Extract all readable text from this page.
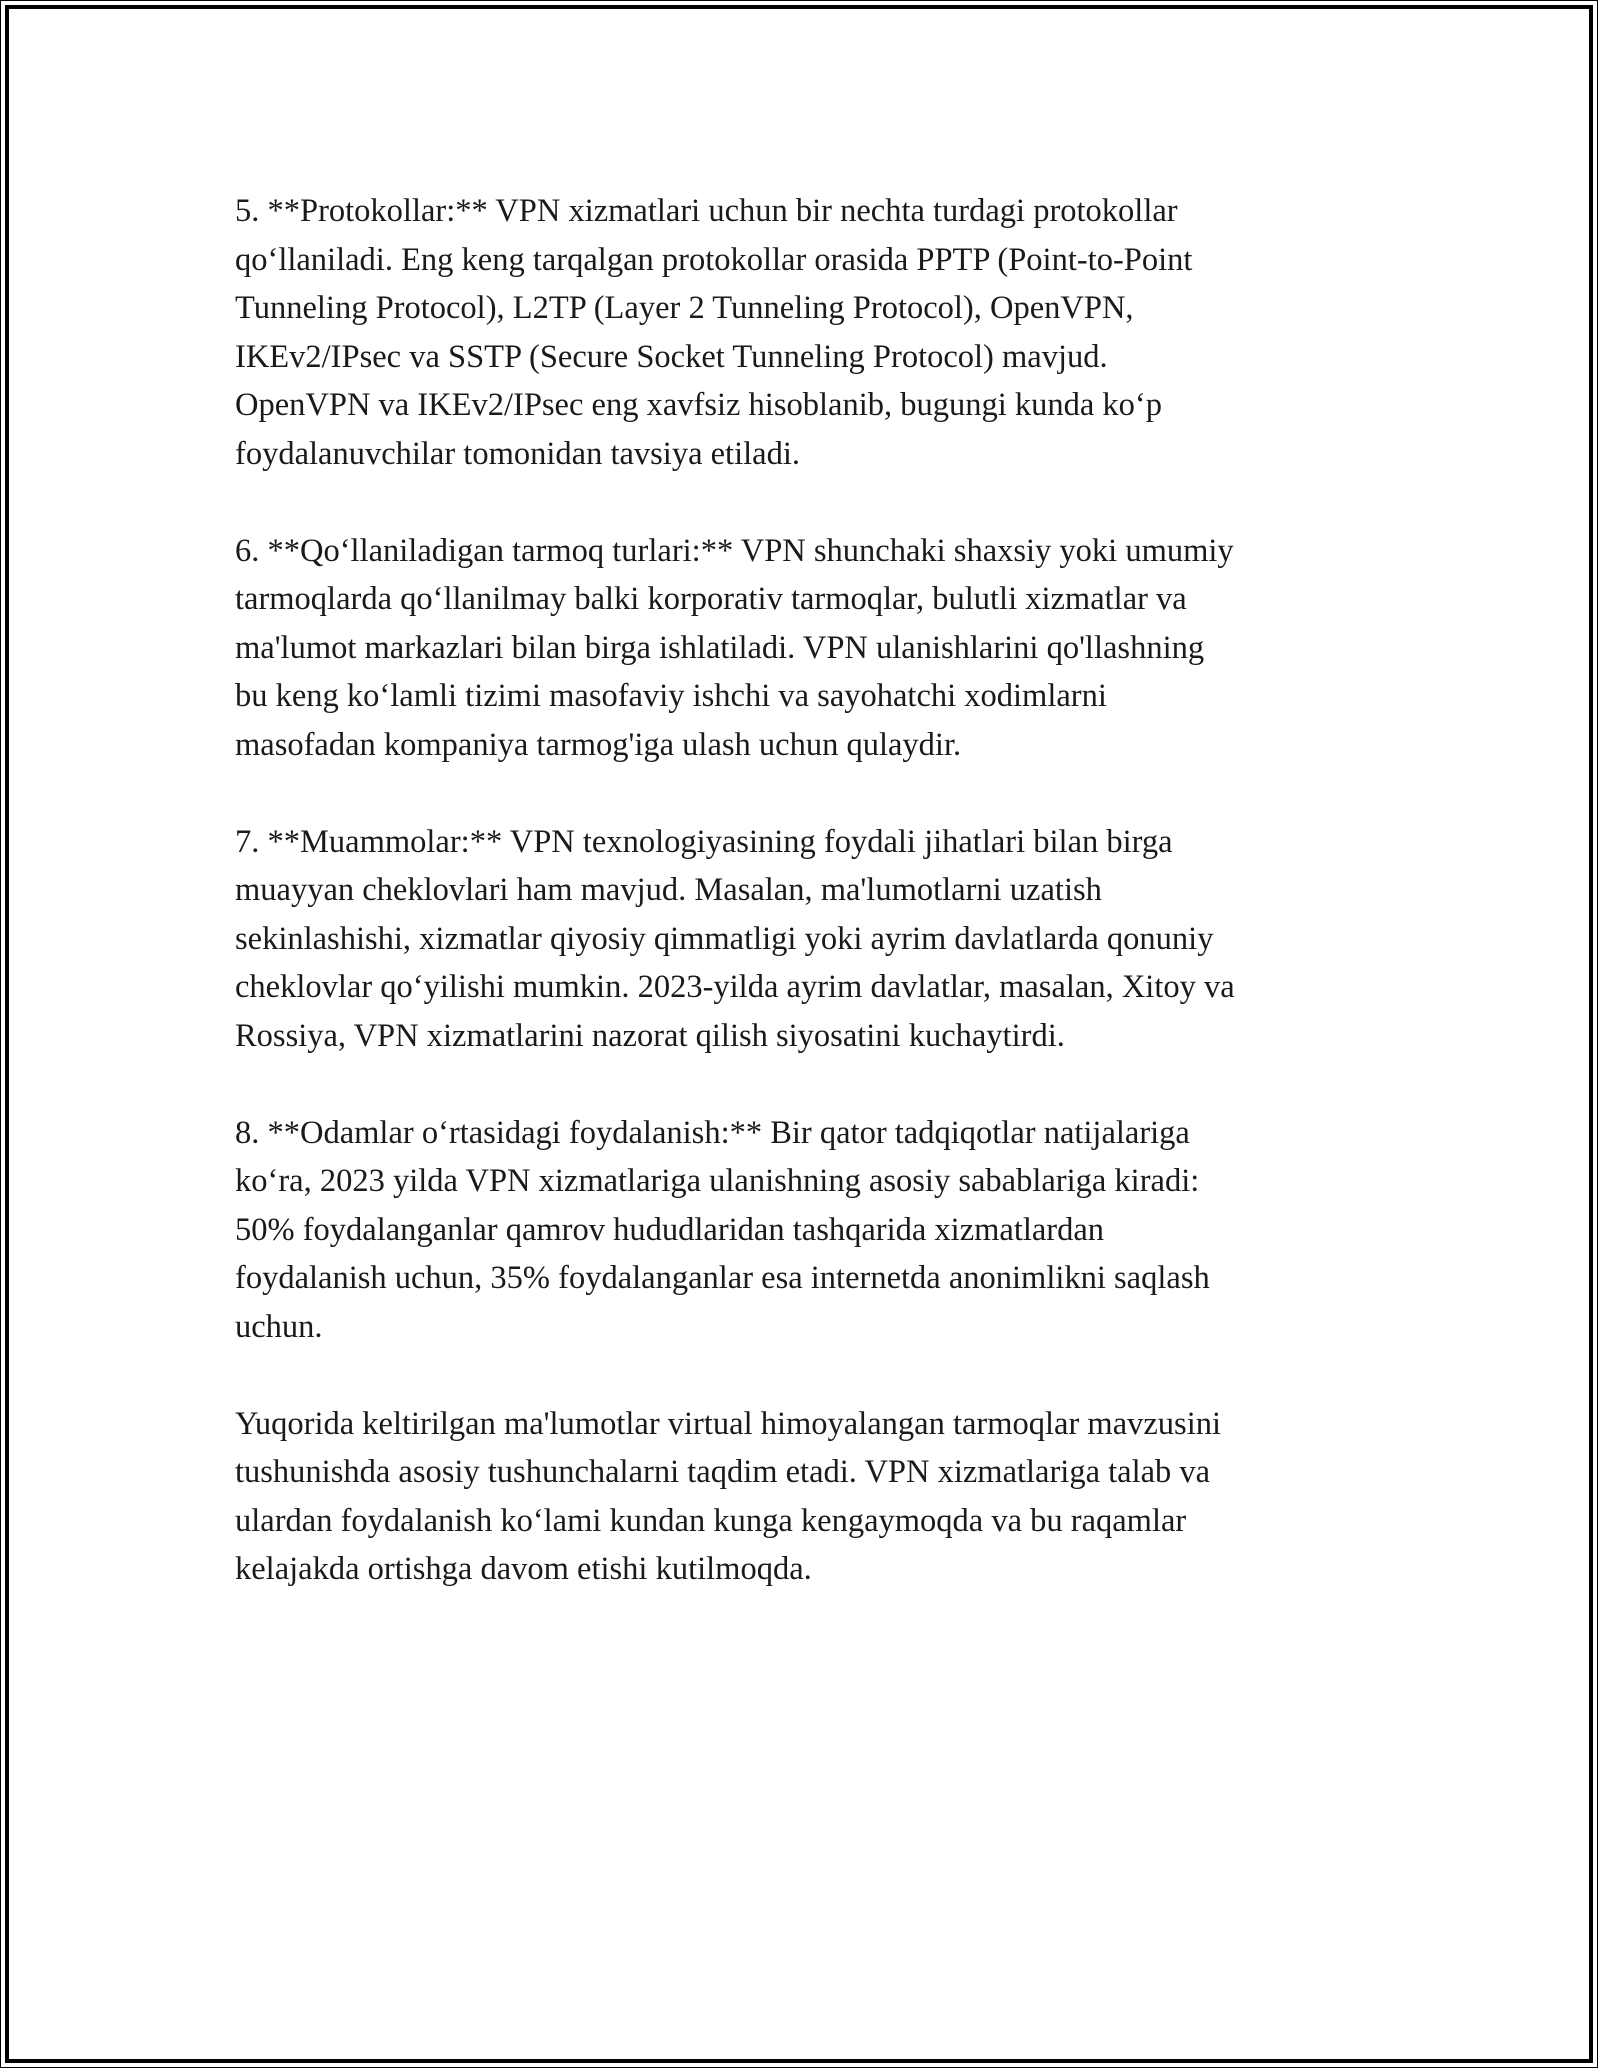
5. **Protokollar:** VPN xizmatlari uchun bir nechta turdagi protokollar
qo‘llaniladi. Eng keng tarqalgan protokollar orasida PPTP (Point-to-Point
Tunneling Protocol), L2TP (Layer 2 Tunneling Protocol), OpenVPN,
IKEv2/IPsec va SSTP (Secure Socket Tunneling Protocol) mavjud.
OpenVPN va IKEv2/IPsec eng xavfsiz hisoblanib, bugungi kunda ko‘p
foydalanuvchilar tomonidan tavsiya etiladi.

6. **Qo‘llaniladigan tarmoq turlari:** VPN shunchaki shaxsiy yoki umumiy
tarmoqlarda qo‘llanilmay balki korporativ tarmoqlar, bulutli xizmatlar va
ma'lumot markazlari bilan birga ishlatiladi. VPN ulanishlarini qo'llashning
bu keng ko‘lamli tizimi masofaviy ishchi va sayohatchi xodimlarni
masofadan kompaniya tarmog'iga ulash uchun qulaydir.

7. **Muammolar:** VPN texnologiyasining foydali jihatlari bilan birga
muayyan cheklovlari ham mavjud. Masalan, ma'lumotlarni uzatish
sekinlashishi, xizmatlar qiyosiy qimmatligi yoki ayrim davlatlarda qonuniy
cheklovlar qo‘yilishi mumkin. 2023-yilda ayrim davlatlar, masalan, Xitoy va
Rossiya, VPN xizmatlarini nazorat qilish siyosatini kuchaytirdi.

8. **Odamlar o‘rtasidagi foydalanish:** Bir qator tadqiqotlar natijalariga
ko‘ra, 2023 yilda VPN xizmatlariga ulanishning asosiy sabablariga kiradi:
50% foydalanganlar qamrov hududlaridan tashqarida xizmatlardan
foydalanish uchun, 35% foydalanganlar esa internetda anonimlikni saqlash
uchun.

Yuqorida keltirilgan ma'lumotlar virtual himoyalangan tarmoqlar mavzusini
tushunishda asosiy tushunchalarni taqdim etadi. VPN xizmatlariga talab va
ulardan foydalanish ko‘lami kundan kunga kengaymoqda va bu raqamlar
kelajakda ortishga davom etishi kutilmoqda.
